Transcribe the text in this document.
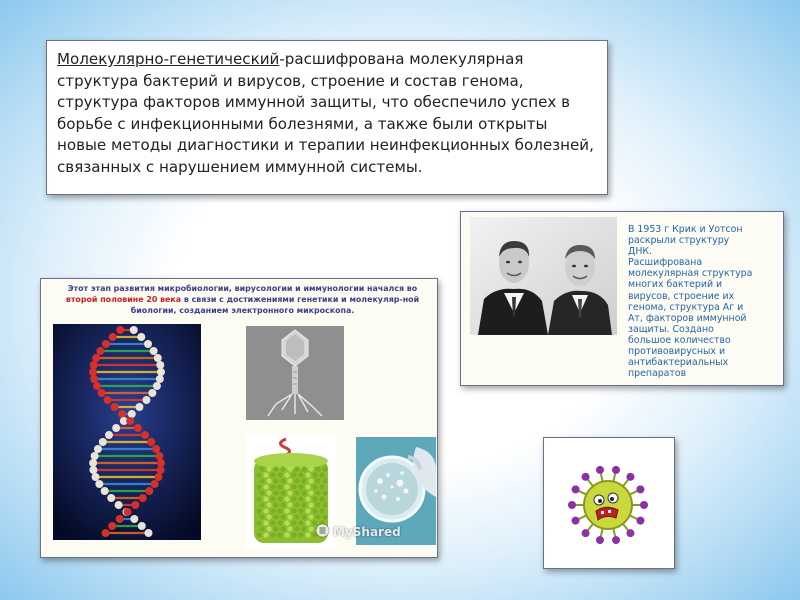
Молекулярно-генетический-расшифрована молекулярная структура бактерий и вирусов, строение и состав генома, структура факторов иммунной защиты, что обеспечило успех в борьбе с инфекционными болезнями, а также были открыты новые методы диагностики и терапии неинфекционных болезней, связанных с нарушением иммунной системы.

В 1953 г Крик и Уотсон
раскрыли структуру
ДНК.
Расшифрована
молекулярная структура
многих бактерий и
вирусов, строение их
генома, структура Аг и
Ат, факторов иммунной
защиты. Создано
большое количество
противовирусных и
антибактериальных
препаратов
Этот этап развития микробиологии, вирусологии и иммунологии начался во второй половине 20 века в связи с достижениями генетики и молекуляр-ной биологии, созданием электронного микроскопа.
MyShared
